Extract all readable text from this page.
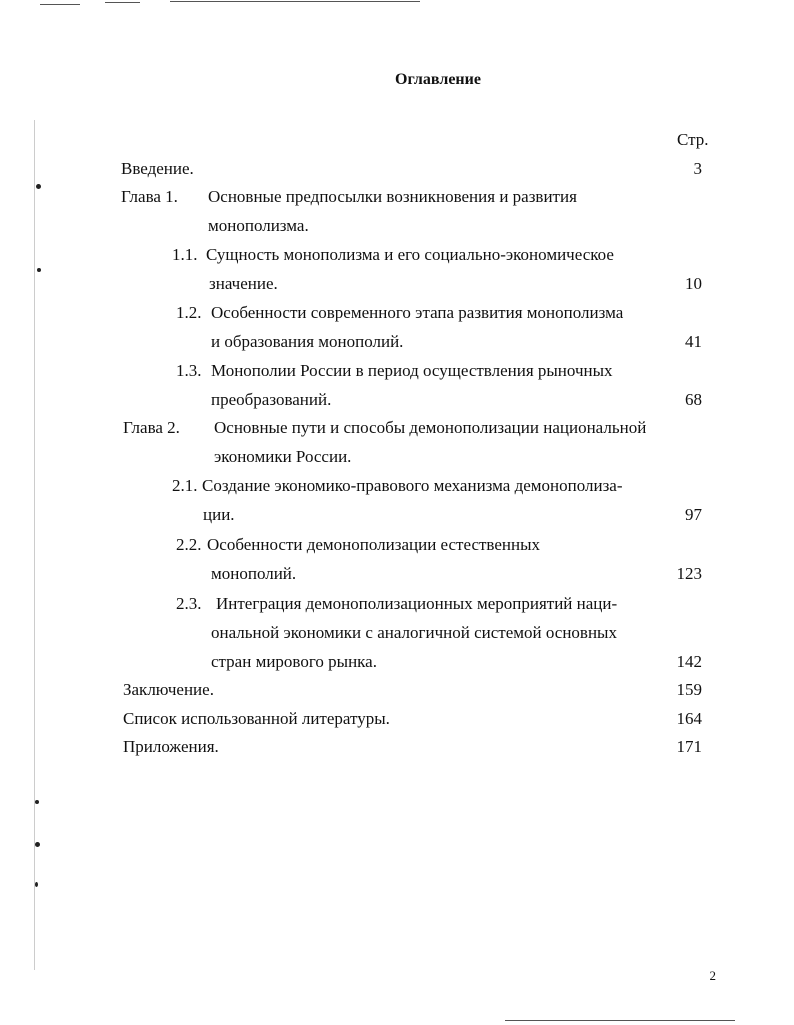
Оглавление
Стр.
Введение.	3
Глава 1. Основные предпосылки возникновения и развития
монополизма.
1.1. Сущность монополизма и его социально-экономическое
значение.	10
1.2. Особенности современного этапа развития монополизма
и образования монополий.	41
1.3. Монополии России в период осуществления рыночных
преобразований.	68
Глава 2. Основные пути и способы демонополизации национальной
экономики России.
2.1. Создание экономико-правового механизма демонополиза-
ции.	97
2.2. Особенности демонополизации естественных
монополий.	123
2.3. Интеграция демонополизационных мероприятий нaци-
ональной экономики с аналогичной системой основных
стран мирового рынка.	142
Заключение.	159
Список использованной литературы.	164
Приложения.	171
2
